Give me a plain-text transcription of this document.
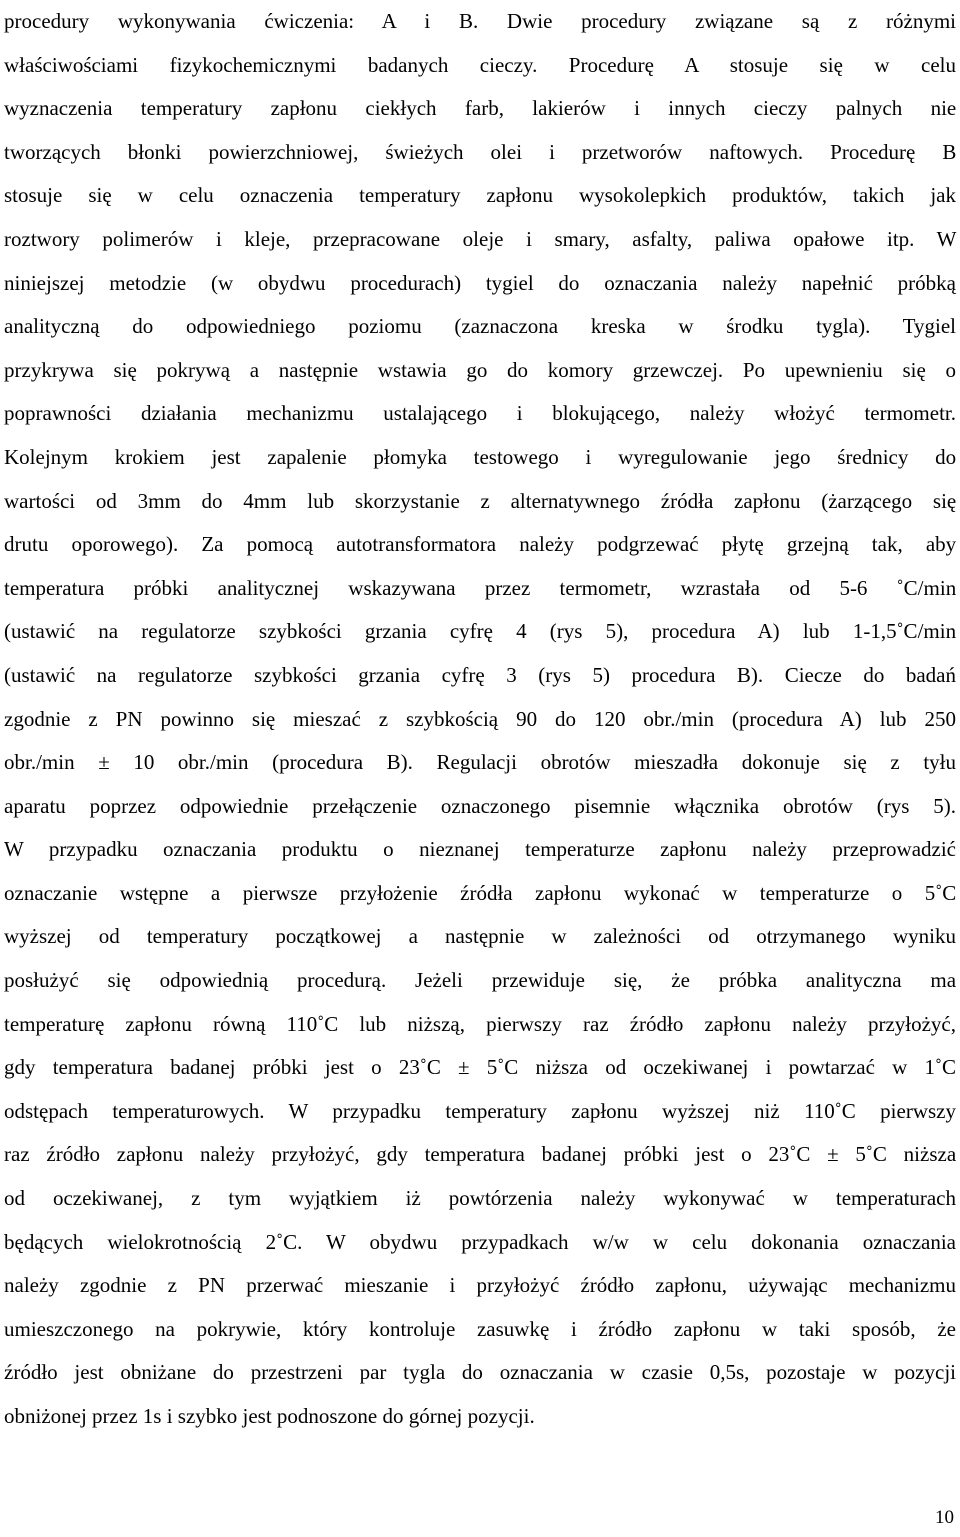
procedury wykonywania ćwiczenia: A i B. Dwie procedury związane są z różnymi
właściwościami fizykochemicznymi badanych cieczy. Procedurę A stosuje się w celu
wyznaczenia temperatury zapłonu ciekłych farb, lakierów i innych cieczy palnych nie
tworzących błonki powierzchniowej, świeżych olei i przetworów naftowych. Procedurę B
stosuje się w celu oznaczenia temperatury zapłonu wysokolepkich produktów, takich jak
roztwory polimerów i kleje, przepracowane oleje i smary, asfalty, paliwa opałowe itp. W
niniejszej metodzie (w obydwu procedurach) tygiel do oznaczania należy napełnić próbką
analityczną do odpowiedniego poziomu (zaznaczona kreska w środku tygla). Tygiel
przykrywa się pokrywą a następnie wstawia go do komory grzewczej. Po upewnieniu się o
poprawności działania mechanizmu ustalającego i blokującego, należy włożyć termometr.
Kolejnym krokiem jest zapalenie płomyka testowego i wyregulowanie jego średnicy do
wartości od 3mm do 4mm lub skorzystanie z alternatywnego źródła zapłonu (żarzącego się
drutu oporowego). Za pomocą autotransformatora należy podgrzewać płytę grzejną tak, aby
temperatura próbki analitycznej wskazywana przez termometr, wzrastała od 5-6 ˚C/min
(ustawić na regulatorze szybkości grzania cyfrę 4 (rys 5), procedura A) lub 1-1,5˚C/min
(ustawić na regulatorze szybkości grzania cyfrę 3 (rys 5) procedura B). Ciecze do badań
zgodnie z PN powinno się mieszać z szybkością 90 do 120 obr./min (procedura A) lub 250
obr./min ± 10 obr./min (procedura B). Regulacji obrotów mieszadła dokonuje się z tyłu
aparatu poprzez odpowiednie przełączenie oznaczonego pisemnie włącznika obrotów (rys 5).
W przypadku oznaczania produktu o nieznanej temperaturze zapłonu należy przeprowadzić
oznaczanie wstępne a pierwsze przyłożenie źródła zapłonu wykonać w temperaturze o 5˚C
wyższej od temperatury początkowej a następnie w zależności od otrzymanego wyniku
posłużyć się odpowiednią procedurą. Jeżeli przewiduje się, że próbka analityczna ma
temperaturę zapłonu równą 110˚C lub niższą, pierwszy raz źródło zapłonu należy przyłożyć,
gdy temperatura badanej próbki jest o 23˚C ± 5˚C niższa od oczekiwanej i powtarzać w 1˚C
odstępach temperaturowych. W przypadku temperatury zapłonu wyższej niż 110˚C pierwszy
raz źródło zapłonu należy przyłożyć, gdy temperatura badanej próbki jest o 23˚C ± 5˚C niższa
od oczekiwanej, z tym wyjątkiem iż powtórzenia należy wykonywać w temperaturach
będących wielokrotnością 2˚C. W obydwu przypadkach w/w w celu dokonania oznaczania
należy zgodnie z PN przerwać mieszanie i przyłożyć źródło zapłonu, używając mechanizmu
umieszczonego na pokrywie, który kontroluje zasuwkę i źródło zapłonu w taki sposób, że
źródło jest obniżane do przestrzeni par tygla do oznaczania w czasie 0,5s, pozostaje w pozycji
obniżonej przez 1s i szybko jest podnoszone do górnej pozycji.
10
